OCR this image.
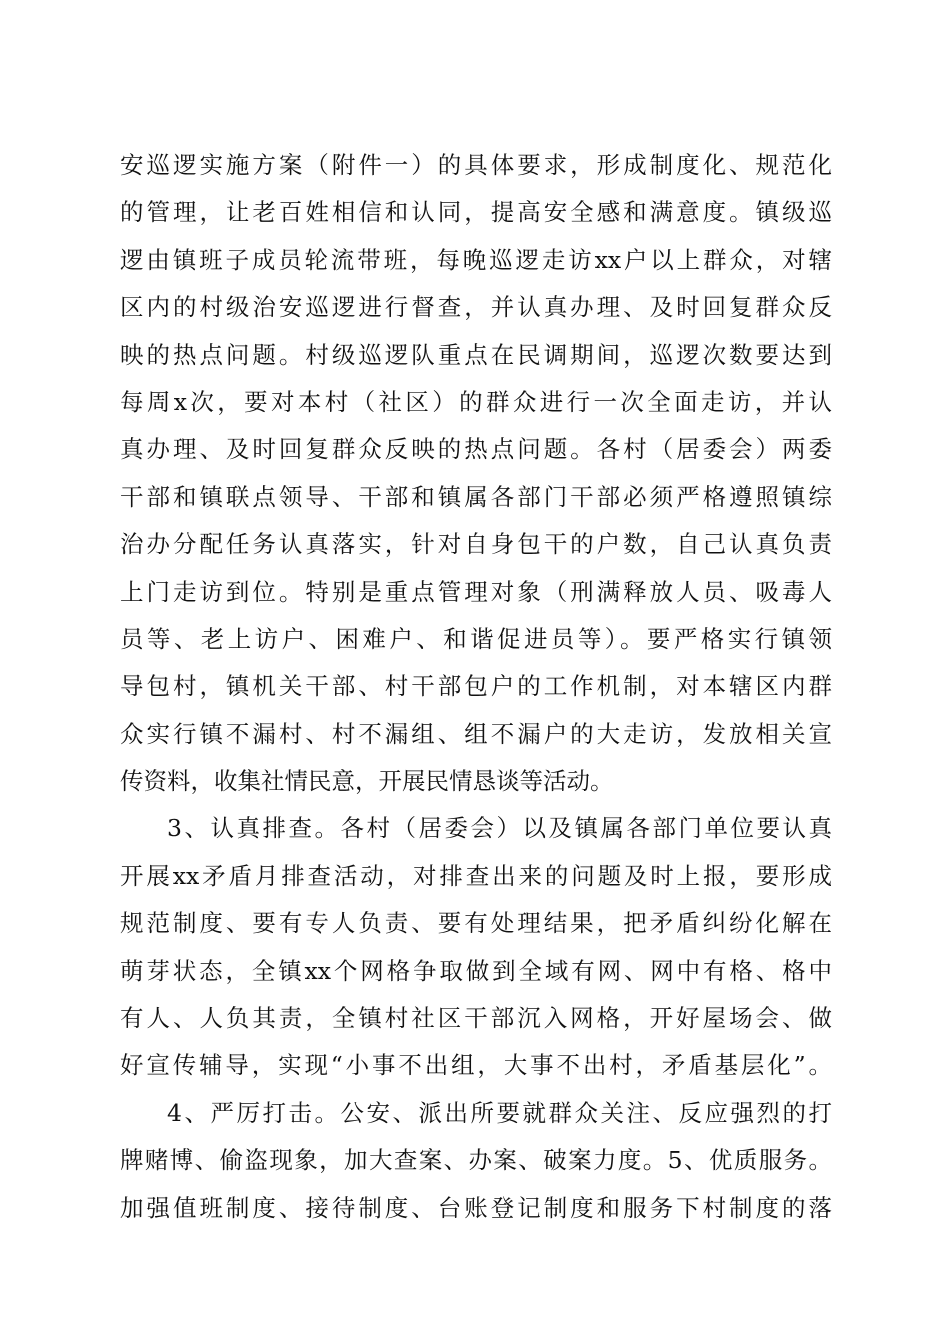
安巡逻实施方案（附件一）的具体要求，形成制度化、规范化
的管理，让老百姓相信和认同，提高安全感和满意度。镇级巡
逻由镇班子成员轮流带班，每晚巡逻走访xx户以上群众，对辖
区内的村级治安巡逻进行督查，并认真办理、及时回复群众反
映的热点问题。村级巡逻队重点在民调期间，巡逻次数要达到
每周x次，要对本村（社区）的群众进行一次全面走访，并认
真办理、及时回复群众反映的热点问题。各村（居委会）两委
干部和镇联点领导、干部和镇属各部门干部必须严格遵照镇综
治办分配任务认真落实，针对自身包干的户数，自己认真负责
上门走访到位。特别是重点管理对象（刑满释放人员、吸毒人
员等、老上访户、困难户、和谐促进员等）。要严格实行镇领
导包村，镇机关干部、村干部包户的工作机制，对本辖区内群
众实行镇不漏村、村不漏组、组不漏户的大走访，发放相关宣
传资料，收集社情民意，开展民情恳谈等活动。
3、认真排查。各村（居委会）以及镇属各部门单位要认真
开展xx矛盾月排查活动，对排查出来的问题及时上报，要形成
规范制度、要有专人负责、要有处理结果，把矛盾纠纷化解在
萌芽状态，全镇xx个网格争取做到全域有网、网中有格、格中
有人、人负其责，全镇村社区干部沉入网格，开好屋场会、做
好宣传辅导，实现“小事不出组，大事不出村，矛盾基层化”。
4、严厉打击。公安、派出所要就群众关注、反应强烈的打
牌赌博、偷盗现象，加大查案、办案、破案力度。5、优质服务。
加强值班制度、接待制度、台账登记制度和服务下村制度的落
